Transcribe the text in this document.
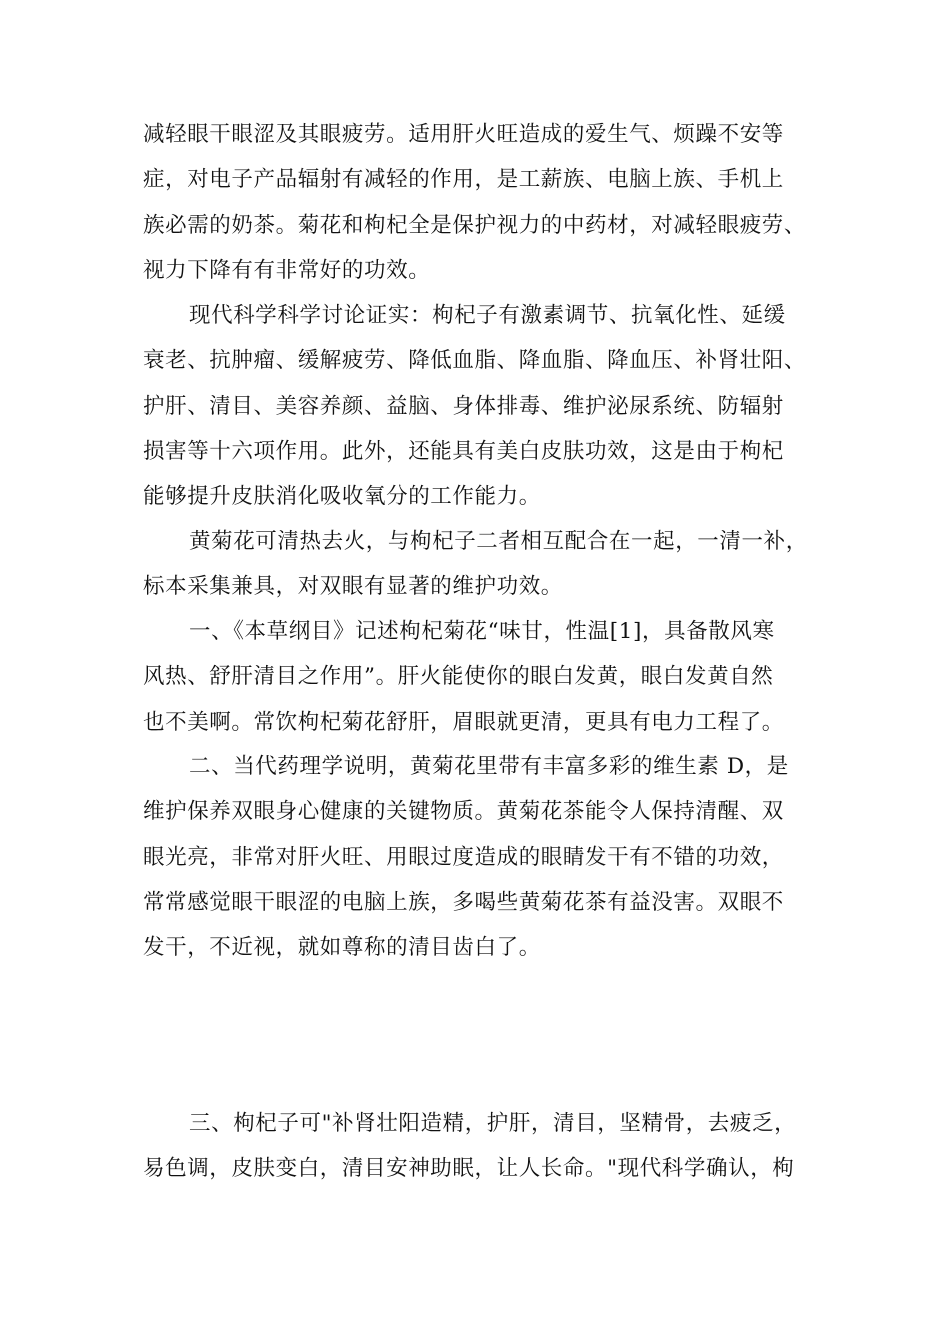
减轻眼干眼涩及其眼疲劳。适用肝火旺造成的爱生气、烦躁不安等
症，对电子产品辐射有减轻的作用，是工薪族、电脑上族、手机上
族必需的奶茶。菊花和枸杞全是保护视力的中药材，对减轻眼疲劳、
视力下降有有非常好的功效。
现代科学科学讨论证实：枸杞子有激素调节、抗氧化性、延缓
衰老、抗肿瘤、缓解疲劳、降低血脂、降血脂、降血压、补肾壮阳、
护肝、清目、美容养颜、益脑、身体排毒、维护泌尿系统、防辐射
损害等十六项作用。此外，还能具有美白皮肤功效，这是由于枸杞
能够提升皮肤消化吸收氧分的工作能力。
黄菊花可清热去火，与枸杞子二者相互配合在一起，一清一补，
标本采集兼具，对双眼有显著的维护功效。
一、《本草纲目》记述枸杞菊花“味甘，性温[1]，具备散风寒
风热、舒肝清目之作用”。肝火能使你的眼白发黄，眼白发黄自然
也不美啊。常饮枸杞菊花舒肝，眉眼就更清，更具有电力工程了。
二、当代药理学说明，黄菊花里带有丰富多彩的维生素 D，是
维护保养双眼身心健康的关键物质。黄菊花茶能令人保持清醒、双
眼光亮，非常对肝火旺、用眼过度造成的眼睛发干有不错的功效，
常常感觉眼干眼涩的电脑上族，多喝些黄菊花茶有益没害。双眼不
发干，不近视，就如尊称的清目齿白了。
三、枸杞子可"补肾壮阳造精，护肝，清目，坚精骨，去疲乏，
易色调，皮肤变白，清目安神助眠，让人长命。"现代科学确认，枸
